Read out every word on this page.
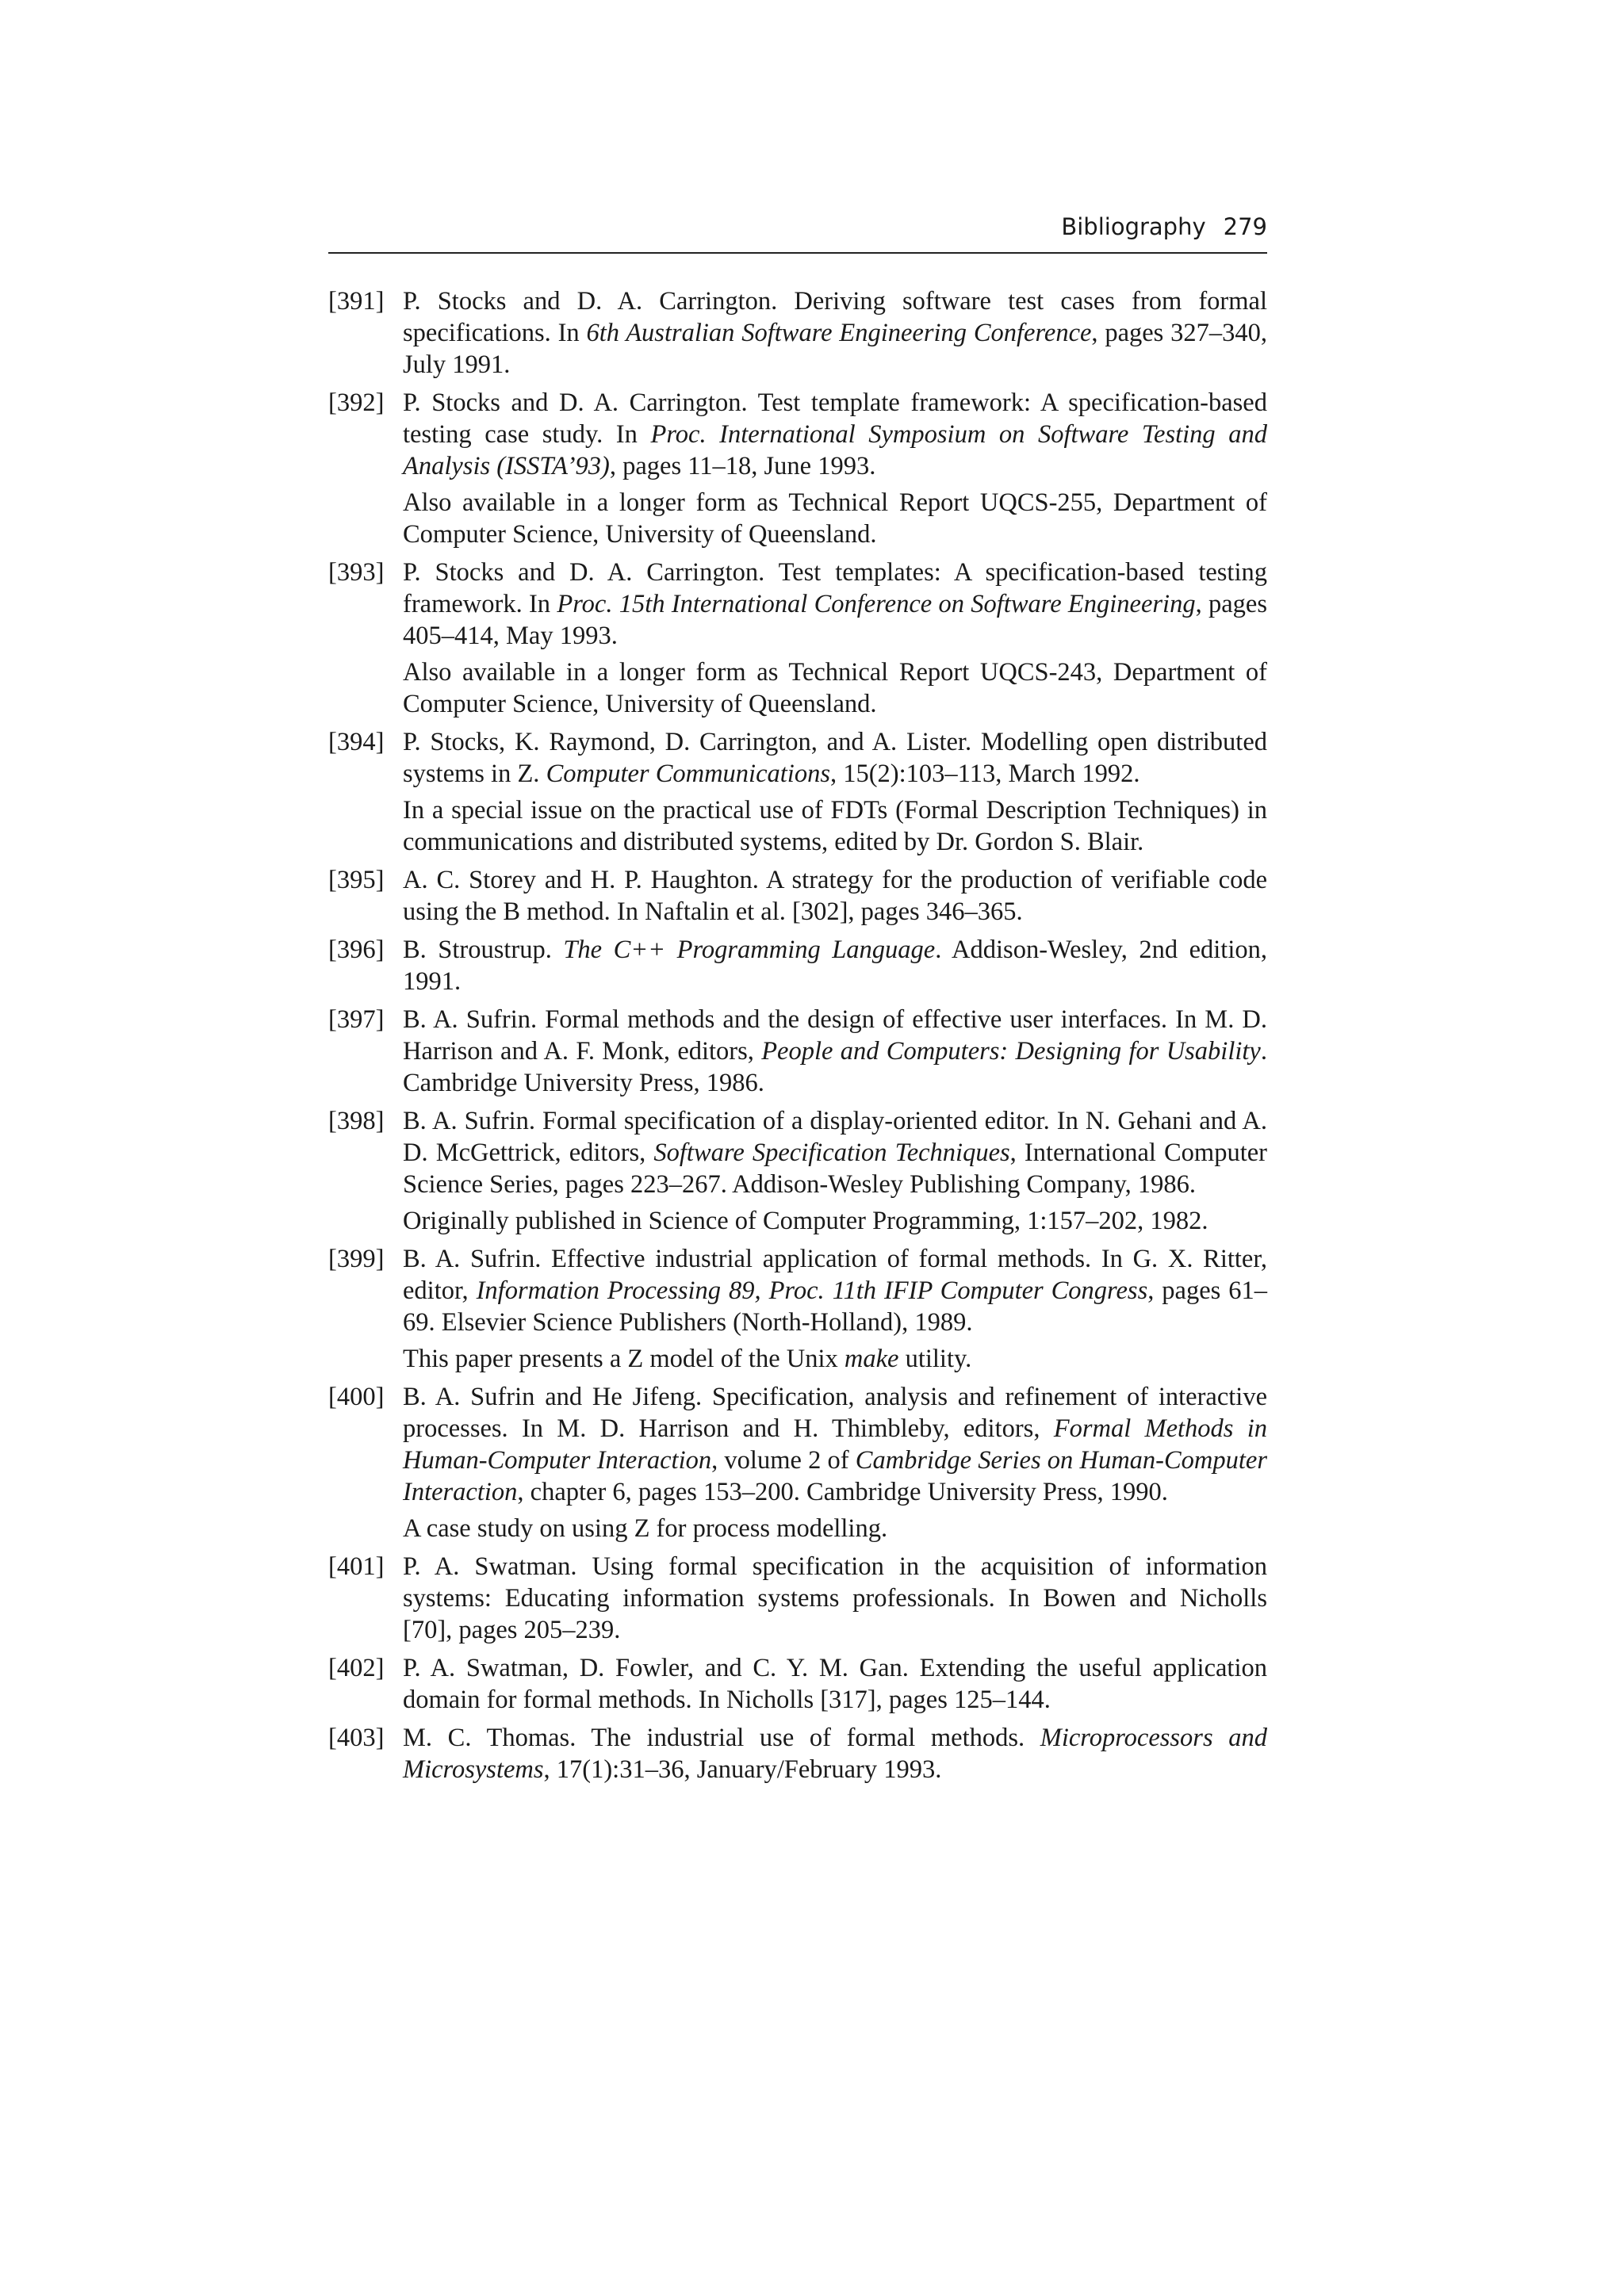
Bibliography 279
[391] P. Stocks and D. A. Carrington. Deriving software test cases from formal specifications. In 6th Australian Software Engineering Conference, pages 327–340, July 1991.

[392] P. Stocks and D. A. Carrington. Test template framework: A specification-based testing case study. In Proc. International Symposium on Software Testing and Analysis (ISSTA’93), pages 11–18, June 1993.

Also available in a longer form as Technical Report UQCS-255, Department of Computer Science, University of Queensland.

[393] P. Stocks and D. A. Carrington. Test templates: A specification-based testing framework. In Proc. 15th International Conference on Software Engineering, pages 405–414, May 1993.

Also available in a longer form as Technical Report UQCS-243, Department of Computer Science, University of Queensland.

[394] P. Stocks, K. Raymond, D. Carrington, and A. Lister. Modelling open distributed systems in Z. Computer Communications, 15(2):103–113, March 1992.

In a special issue on the practical use of FDTs (Formal Description Techniques) in communications and distributed systems, edited by Dr. Gordon S. Blair.

[395] A. C. Storey and H. P. Haughton. A strategy for the production of verifiable code using the B method. In Naftalin et al. [302], pages 346–365.

[396] B. Stroustrup. The C++ Programming Language. Addison-Wesley, 2nd edition, 1991.

[397] B. A. Sufrin. Formal methods and the design of effective user interfaces. In M. D. Harrison and A. F. Monk, editors, People and Computers: Designing for Usability. Cambridge University Press, 1986.

[398] B. A. Sufrin. Formal specification of a display-oriented editor. In N. Gehani and A. D. McGettrick, editors, Software Specification Techniques, International Computer Science Series, pages 223–267. Addison-Wesley Publishing Company, 1986.

Originally published in Science of Computer Programming, 1:157–202, 1982.

[399] B. A. Sufrin. Effective industrial application of formal methods. In G. X. Ritter, editor, Information Processing 89, Proc. 11th IFIP Computer Congress, pages 61–69. Elsevier Science Publishers (North-Holland), 1989.

This paper presents a Z model of the Unix make utility.

[400] B. A. Sufrin and He Jifeng. Specification, analysis and refinement of interactive processes. In M. D. Harrison and H. Thimbleby, editors, Formal Methods in Human-Computer Interaction, volume 2 of Cambridge Series on Human-Computer Interaction, chapter 6, pages 153–200. Cambridge University Press, 1990.

A case study on using Z for process modelling.

[401] P. A. Swatman. Using formal specification in the acquisition of information systems: Educating information systems professionals. In Bowen and Nicholls [70], pages 205–239.

[402] P. A. Swatman, D. Fowler, and C. Y. M. Gan. Extending the useful application domain for formal methods. In Nicholls [317], pages 125–144.

[403] M. C. Thomas. The industrial use of formal methods. Microprocessors and Microsystems, 17(1):31–36, January/February 1993.
